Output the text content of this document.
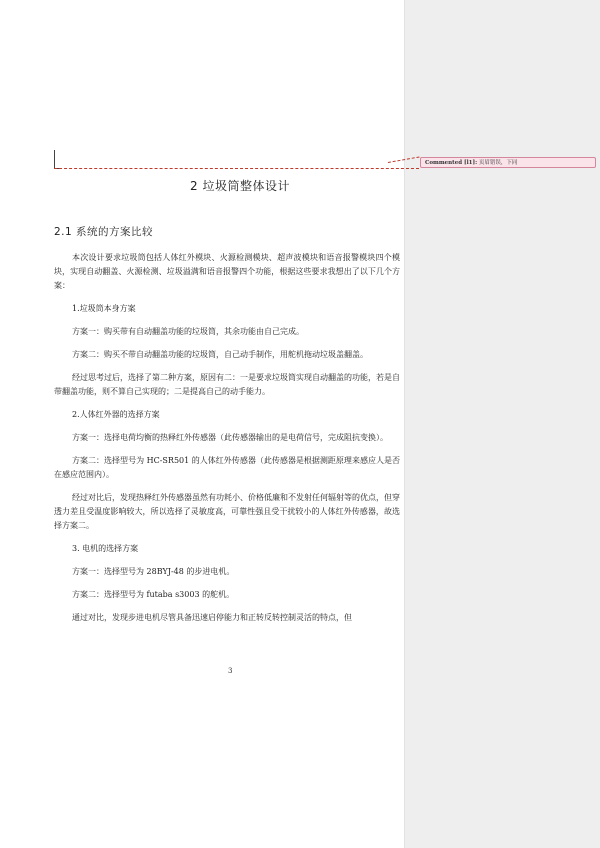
2 垃圾筒整体设计
2.1 系统的方案比较

本次设计要求垃圾筒包括人体红外模块、火源检测模块、超声波模块和语音报警模块四个模块，实现自动翻盖、火源检测、垃圾溢满和语音报警四个功能，根据这些要求我想出了以下几个方案：

1.垃圾筒本身方案

方案一：购买带有自动翻盖功能的垃圾筒，其余功能由自己完成。

方案二：购买不带自动翻盖功能的垃圾筒，自己动手制作，用舵机拖动垃圾盖翻盖。

经过思考过后，选择了第二种方案，原因有二：一是要求垃圾筒实现自动翻盖的功能，若是自带翻盖功能，则不算自己实现的；二是提高自己的动手能力。

2.人体红外器的选择方案

方案一：选择电荷均衡的热释红外传感器（此传感器输出的是电荷信号，完成阻抗变换）。

方案二：选择型号为 HC-SR501 的人体红外传感器（此传感器是根据测距原理来感应人是否在感应范围内）。

经过对比后，发现热释红外传感器虽然有功耗小、价格低廉和不发射任何辐射等的优点，但穿透力差且受温度影响较大，所以选择了灵敏度高，可靠性强且受干扰较小的人体红外传感器，故选择方案二。

3. 电机的选择方案

方案一：选择型号为 28BYJ-48 的步进电机。

方案二：选择型号为 futaba s3003 的舵机。

通过对比，发现步进电机尽管具备迅速启停能力和正转反转控制灵活的特点，但

3
Commented [l1]: 页眉错误，下同
